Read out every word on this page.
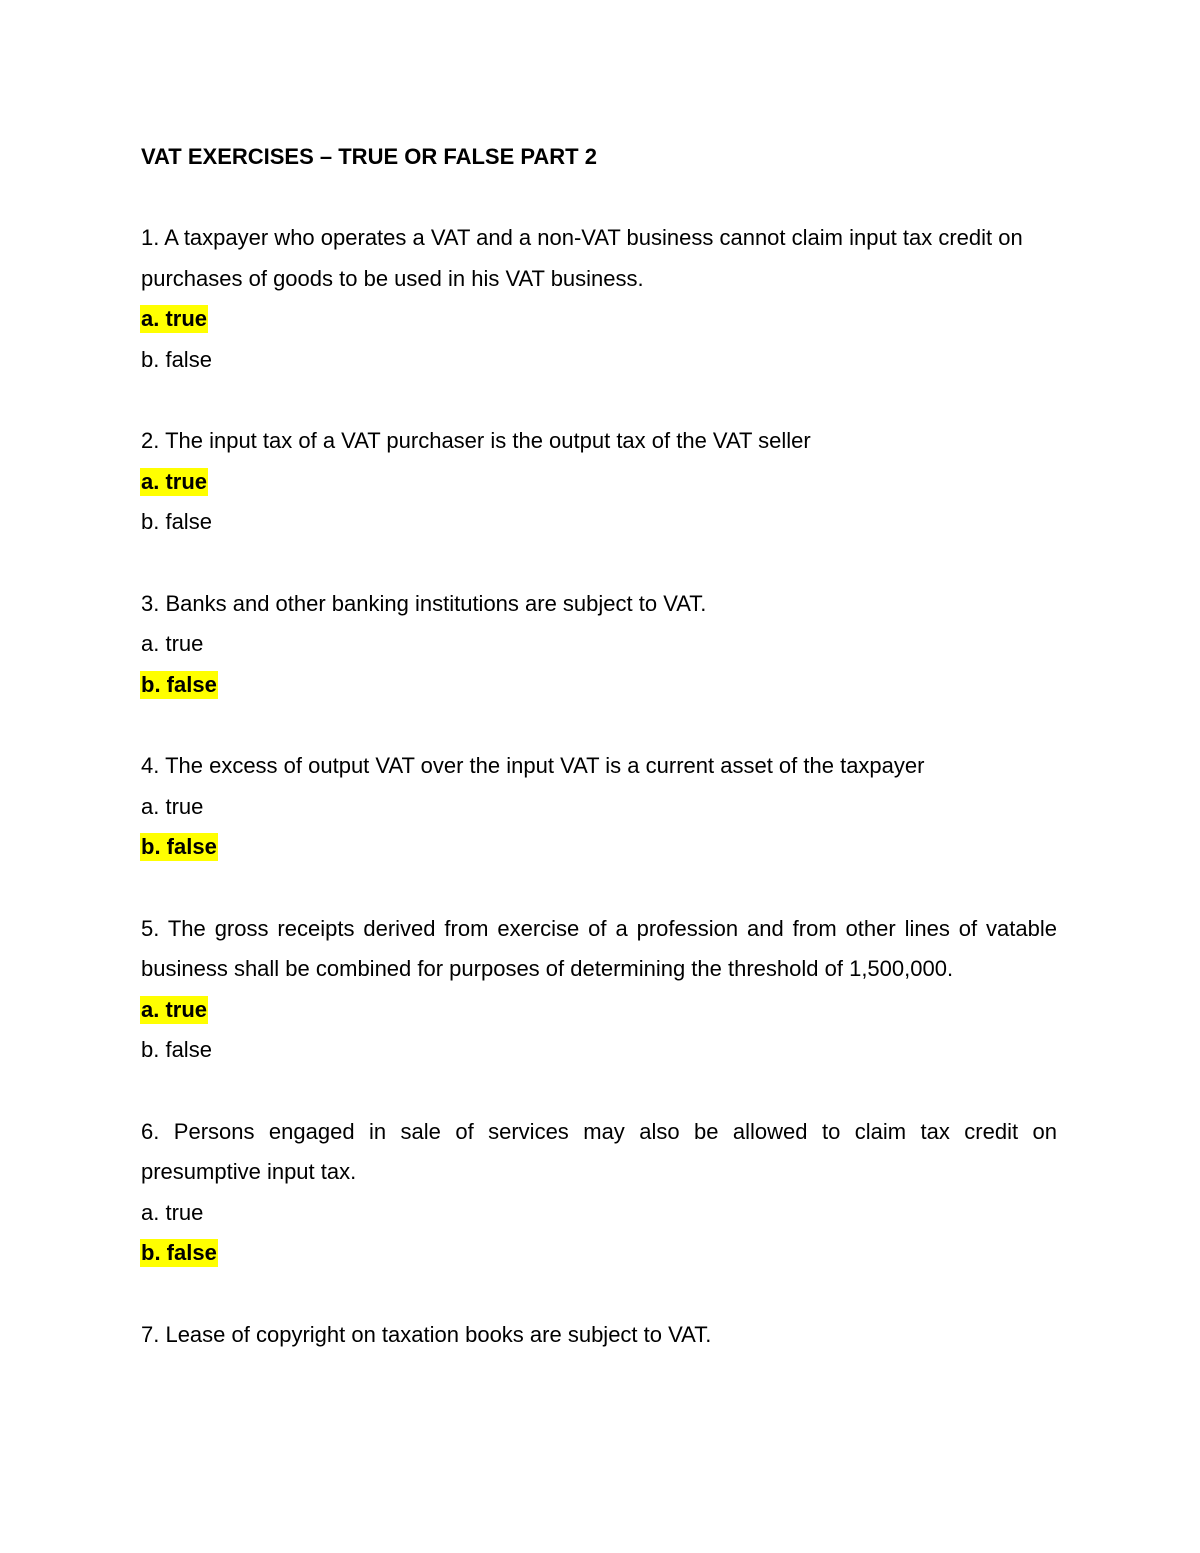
VAT EXERCISES – TRUE OR FALSE PART 2

1. A taxpayer who operates a VAT and a non-VAT business cannot claim input tax credit on purchases of goods to be used in his VAT business.

a. true

b. false

2. The input tax of a VAT purchaser is the output tax of the VAT seller

a. true

b. false

3. Banks and other banking institutions are subject to VAT.

a. true

b. false

4. The excess of output VAT over the input VAT is a current asset of the taxpayer

a. true

b. false

5. The gross receipts derived from exercise of a profession and from other lines of vatable business shall be combined for purposes of determining the threshold of 1,500,000.

a. true

b. false

6. Persons engaged in sale of services may also be allowed to claim tax credit on presumptive input tax.

a. true

b. false

7. Lease of copyright on taxation books are subject to VAT.
